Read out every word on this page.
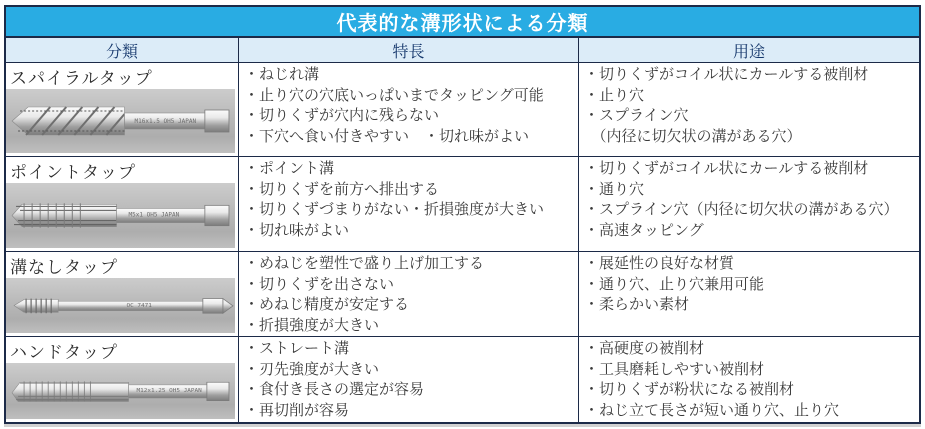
代表的な溝形状による分類
分類	特長	用途
スパイラルタップ
M16x1.5 OH5 JAPAN
・ねじれ溝
・止り穴の穴底いっぱいまでタッピング可能
・切りくずが穴内に残らない
・下穴へ食い付きやすい　・切れ味がよい
・切りくずがコイル状にカールする被削材
・止り穴
・スプライン穴
　（内径に切欠状の溝がある穴）
ポイントタップ
M5x1 OH5 JAPAN
・ポイント溝
・切りくずを前方へ排出する
・切りくずづまりがない・折損強度が大きい
・切れ味がよい
・切りくずがコイル状にカールする被削材
・通り穴
・スプライン穴（内径に切欠状の溝がある穴）
・高速タッピング
溝なしタップ
OC 7471
・めねじを塑性で盛り上げ加工する
・切りくずを出さない
・めねじ精度が安定する
・折損強度が大きい
・展延性の良好な材質
・通り穴、止り穴兼用可能
・柔らかい素材
ハンドタップ
M12x1.25 OH5 JAPAN
・ストレート溝
・刃先強度が大きい
・食付き長さの選定が容易
・再切削が容易
・高硬度の被削材
・工具磨耗しやすい被削材
・切りくずが粉状になる被削材
・ねじ立て長さが短い通り穴、止り穴
